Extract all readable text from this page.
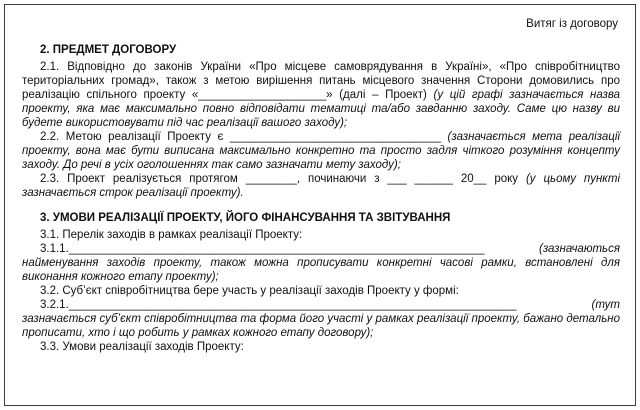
Витяг із договору
2. ПРЕДМЕТ ДОГОВОРУ

2.1. Відповідно до законів України «Про місцеве самоврядування в Україні», «Про співробітництво територіальних громад», також з метою вирішення питань місцевого значення Сторони домовились про реалізацію спільного проекту «____________________» (далі – Проект) (у цій графі зазначається назва проекту, яка має максимально повно відповідати тематиці та/або завданню заходу. Саме цю назву ви будете використовувати під час реалізації вашого заходу);

2.2. Метою реалізації Проекту є _________________________________ (зазначається мета реалізації проекту, вона має бути виписана максимально конкретно та просто задля чіткого розуміння концепту заходу. До речі в усіх оголошеннях так само зазначати мету заходу);

2.3. Проект реалізується протягом ________, починаючи з ___ ______ 20__ року (у цьому пункті зазначається строк реалізації проекту).

3. УМОВИ РЕАЛІЗАЦІЇ ПРОЕКТУ, ЙОГО ФІНАНСУВАННЯ ТА ЗВІТУВАННЯ

3.1. Перелік заходів в рамках реалізації Проекту:

3.1.1._________________________________________________________________ (зазначаються найменування заходів проекту, також можна прописувати конкретні часові рамки, встановлені для виконання кожного етапу проекту);

3.2. Суб’єкт співробітництва бере участь у реалізації заходів Проекту у формі:

3.2.1.______________________________________________________________________ (тут зазначається суб’єкт співробітництва та форма його участі у рамках реалізації проекту, бажано детально прописати, хто і що робить у рамках кожного етапу договору);

3.3. Умови реалізації заходів Проекту:
